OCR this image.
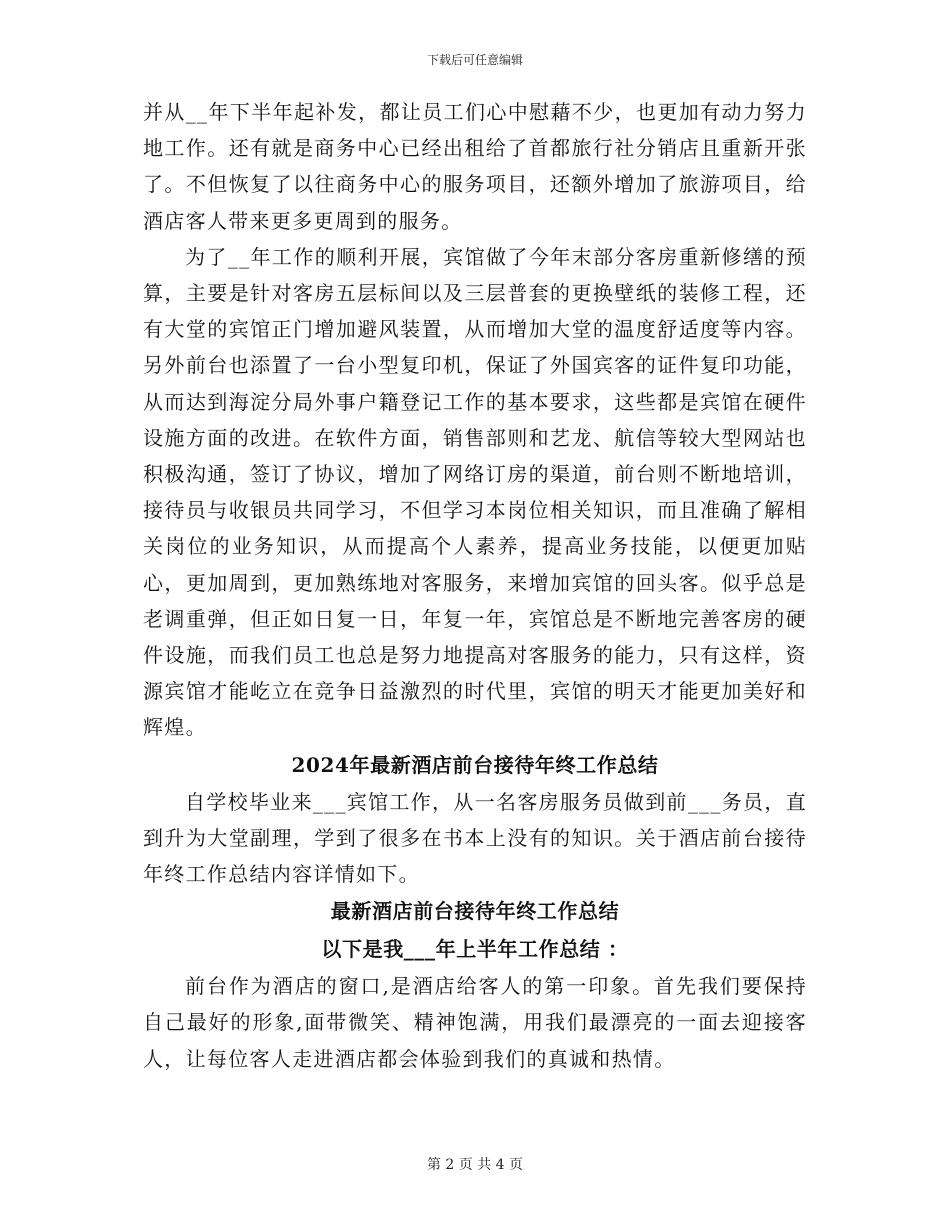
下载后可任意编辑

并从__年下半年起补发，都让员工们心中慰藉不少，也更加有动力努力地工作。还有就是商务中心已经出租给了首都旅行社分销店且重新开张了。不但恢复了以往商务中心的服务项目，还额外增加了旅游项目，给酒店客人带来更多更周到的服务。

为了__年工作的顺利开展，宾馆做了今年末部分客房重新修缮的预算，主要是针对客房五层标间以及三层普套的更换壁纸的装修工程，还有大堂的宾馆正门增加避风装置，从而增加大堂的温度舒适度等内容。另外前台也添置了一台小型复印机，保证了外国宾客的证件复印功能，从而达到海淀分局外事户籍登记工作的基本要求，这些都是宾馆在硬件设施方面的改进。在软件方面，销售部则和艺龙、航信等较大型网站也积极沟通，签订了协议，增加了网络订房的渠道，前台则不断地培训，接待员与收银员共同学习，不但学习本岗位相关知识，而且准确了解相关岗位的业务知识，从而提高个人素养，提高业务技能，以便更加贴心，更加周到，更加熟练地对客服务，来增加宾馆的回头客。似乎总是老调重弹，但正如日复一日，年复一年，宾馆总是不断地完善客房的硬件设施，而我们员工也总是努力地提高对客服务的能力，只有这样，资源宾馆才能屹立在竞争日益激烈的时代里，宾馆的明天才能更加美好和辉煌。

2024年最新酒店前台接待年终工作总结

自学校毕业来___宾馆工作，从一名客房服务员做到前___务员，直到升为大堂副理，学到了很多在书本上没有的知识。关于酒店前台接待年终工作总结内容详情如下。

最新酒店前台接待年终工作总结
以下是我___年上半年工作总结 ：

前台作为酒店的窗口,是酒店给客人的第一印象。首先我们要保持自己最好的形象,面带微笑、精神饱满，用我们最漂亮的一面去迎接客人，让每位客人走进酒店都会体验到我们的真诚和热情。

第 2 页 共 4 页
